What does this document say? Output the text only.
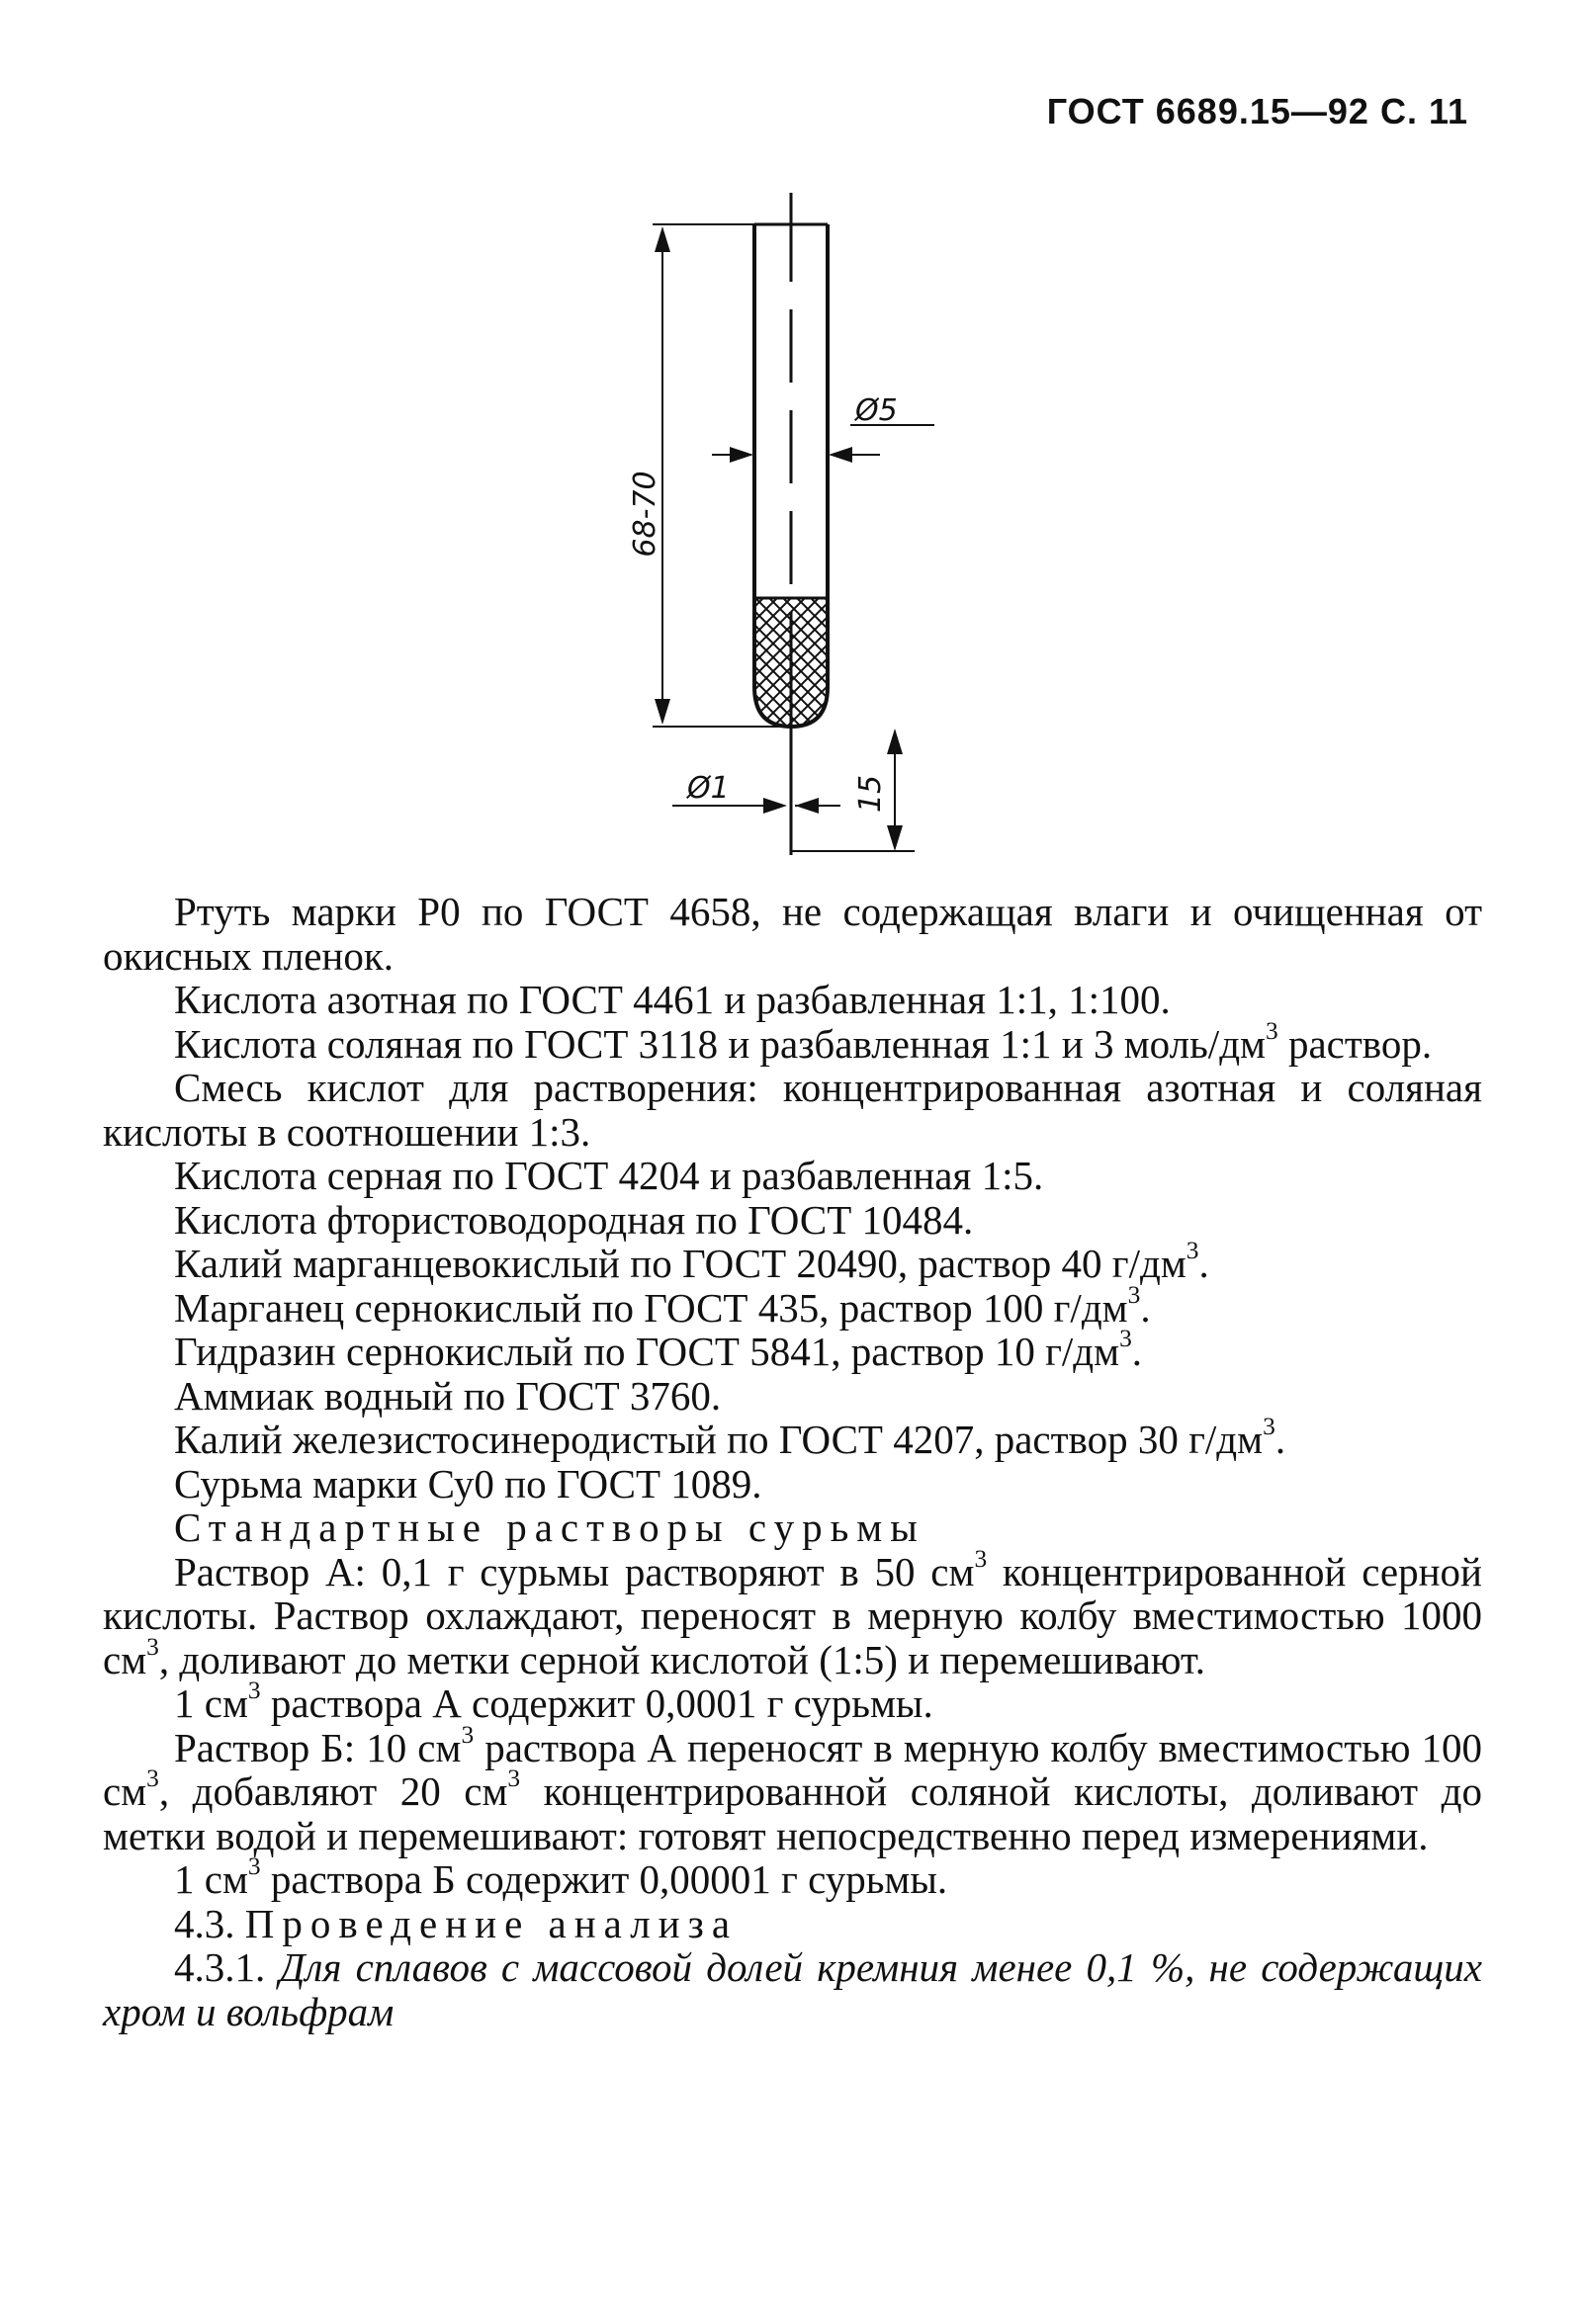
ГОСТ 6689.15—92 С. 11
68-70
Ø5
Ø1	15

Ртуть марки Р0 по ГОСТ 4658, не содержащая влаги и очищенная от окисных пленок.

Кислота азотная по ГОСТ 4461 и разбавленная 1:1, 1:100.

Кислота соляная по ГОСТ 3118 и разбавленная 1:1 и 3 моль/$дм^3$ раствор.

Смесь кислот для растворения: концентрированная азотная и соляная кислоты в соотношении 1:3.

Кислота серная по ГОСТ 4204 и разбавленная 1:5.

Кислота фтористоводородная по ГОСТ 10484.

Калий марганцевокислый по ГОСТ 20490, раствор 40 $г/дм^3$.

Марганец сернокислый по ГОСТ 435, раствор 100 $г/дм^3$.

Гидразин сернокислый по ГОСТ 5841, раствор 10 $г/дм^3$.

Аммиак водный по ГОСТ 3760.

Калий железистосинеродистый по ГОСТ 4207, раствор 30 $г/дм^3$.

Сурьма марки Су0 по ГОСТ 1089.

Стандартные растворы сурьмы

Раствор А: 0,1 г сурьмы растворяют в 50 $см^3$ концентрированной серной кислоты. Раствор охлаждают, переносят в мерную колбу вместимостью 1000 $см^3$, доливают до метки серной кислотой (1:5) и перемешивают.

1 $см^3$ раствора А содержит 0,0001 г сурьмы.

Раствор Б: 10 $см^3$ раствора А переносят в мерную колбу вместимостью 100 $см^3$, добавляют 20 $см^3$ концентрированной соляной кислоты, доливают до метки водой и перемешивают: готовят непосредственно перед измерениями.

1 $см^3$ раствора Б содержит 0,00001 г сурьмы.

4.3. Проведение анализа

4.3.1. Для сплавов с массовой долей кремния менее 0,1 %, не содержащих хром и вольфрам
